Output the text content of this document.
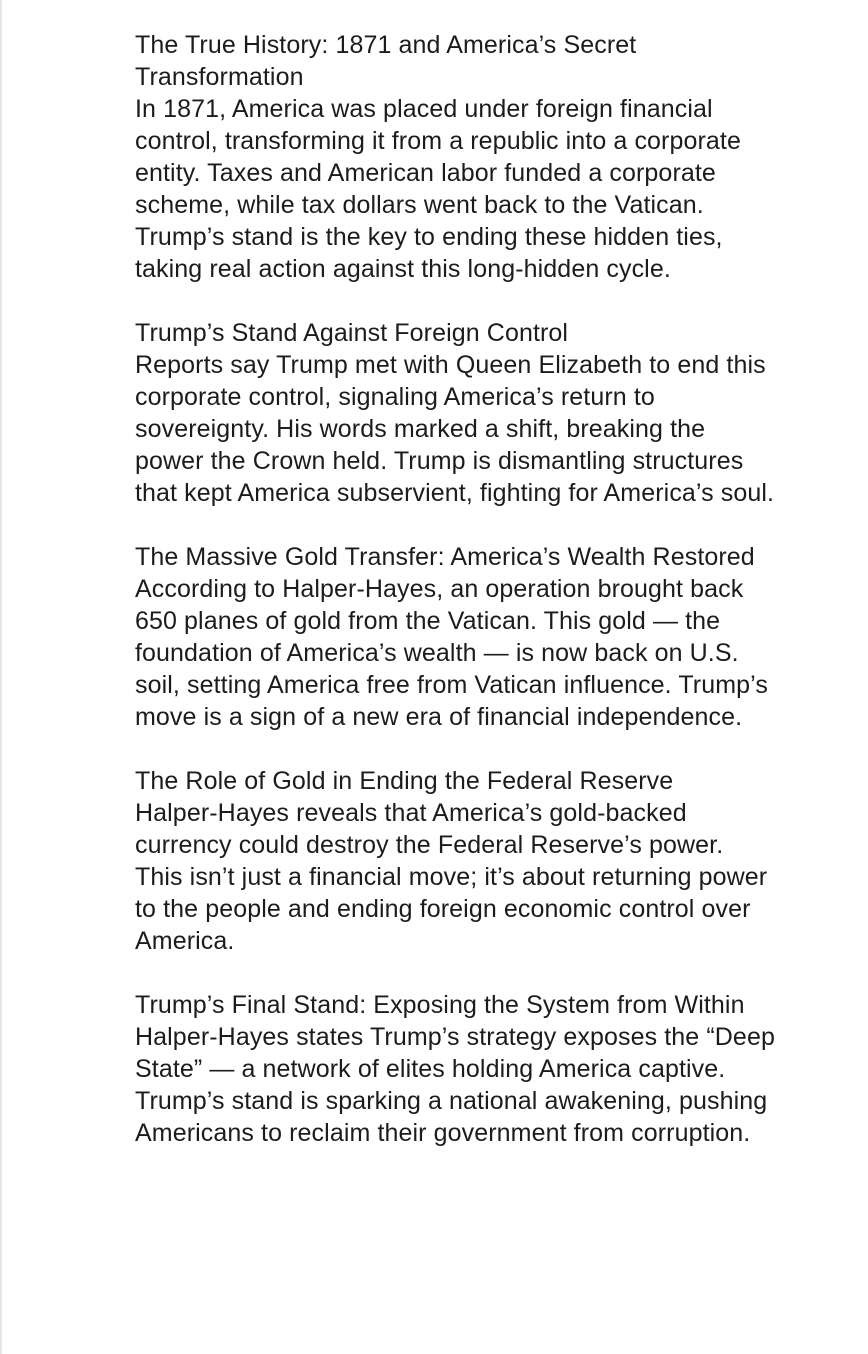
The True History: 1871 and America’s Secret Transformation

In 1871, America was placed under foreign financial control, transforming it from a republic into a corporate entity. Taxes and American labor funded a corporate scheme, while tax dollars went back to the Vatican. Trump’s stand is the key to ending these hidden ties, taking real action against this long-hidden cycle.

Trump’s Stand Against Foreign Control

Reports say Trump met with Queen Elizabeth to end this corporate control, signaling America’s return to sovereignty. His words marked a shift, breaking the power the Crown held. Trump is dismantling structures that kept America subservient, fighting for America’s soul.

The Massive Gold Transfer: America’s Wealth Restored

According to Halper-Hayes, an operation brought back 650 planes of gold from the Vatican. This gold — the foundation of America’s wealth — is now back on U.S. soil, setting America free from Vatican influence. Trump’s move is a sign of a new era of financial independence.

The Role of Gold in Ending the Federal Reserve

Halper-Hayes reveals that America’s gold-backed currency could destroy the Federal Reserve’s power. This isn’t just a financial move; it’s about returning power to the people and ending foreign economic control over America.

Trump’s Final Stand: Exposing the System from Within

Halper-Hayes states Trump’s strategy exposes the “Deep State” — a network of elites holding America captive. Trump’s stand is sparking a national awakening, pushing Americans to reclaim their government from corruption.
